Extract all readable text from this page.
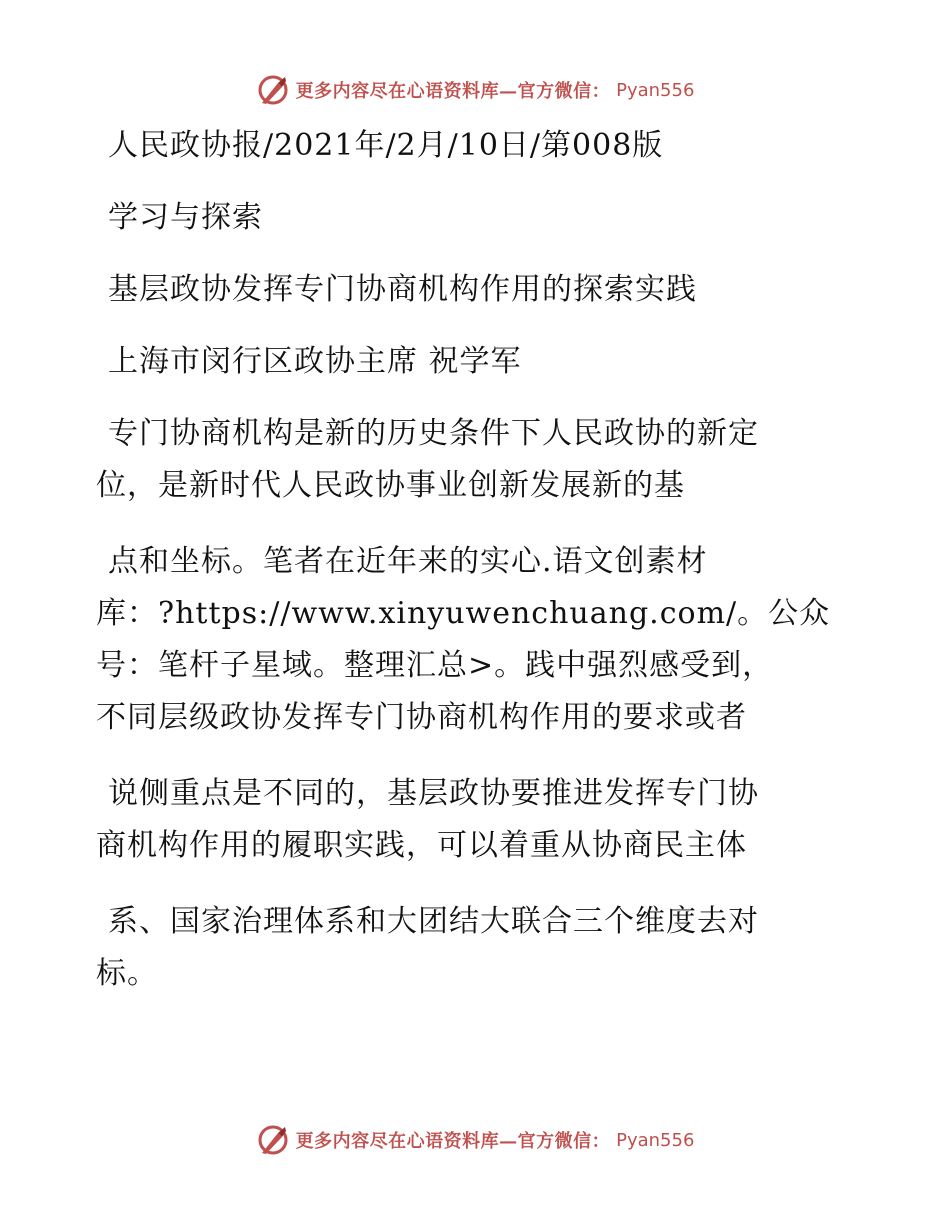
更多内容尽在心语资料库—官方微信： Pyan556
人民政协报/2021年/2月/10日/第008版
学习与探索
基层政协发挥专门协商机构作用的探索实践
上海市闵行区政协主席 祝学军
专门协商机构是新的历史条件下人民政协的新定
位，是新时代人民政协事业创新发展新的基
点和坐标。笔者在近年来的实心.语文创素材
库：?https://www.xinyuwenchuang.com/。公众
号：笔杆子星域。整理汇总>。践中强烈感受到，
不同层级政协发挥专门协商机构作用的要求或者
说侧重点是不同的，基层政协要推进发挥专门协
商机构作用的履职实践，可以着重从协商民主体
系、国家治理体系和大团结大联合三个维度去对
标。
更多内容尽在心语资料库—官方微信： Pyan556
